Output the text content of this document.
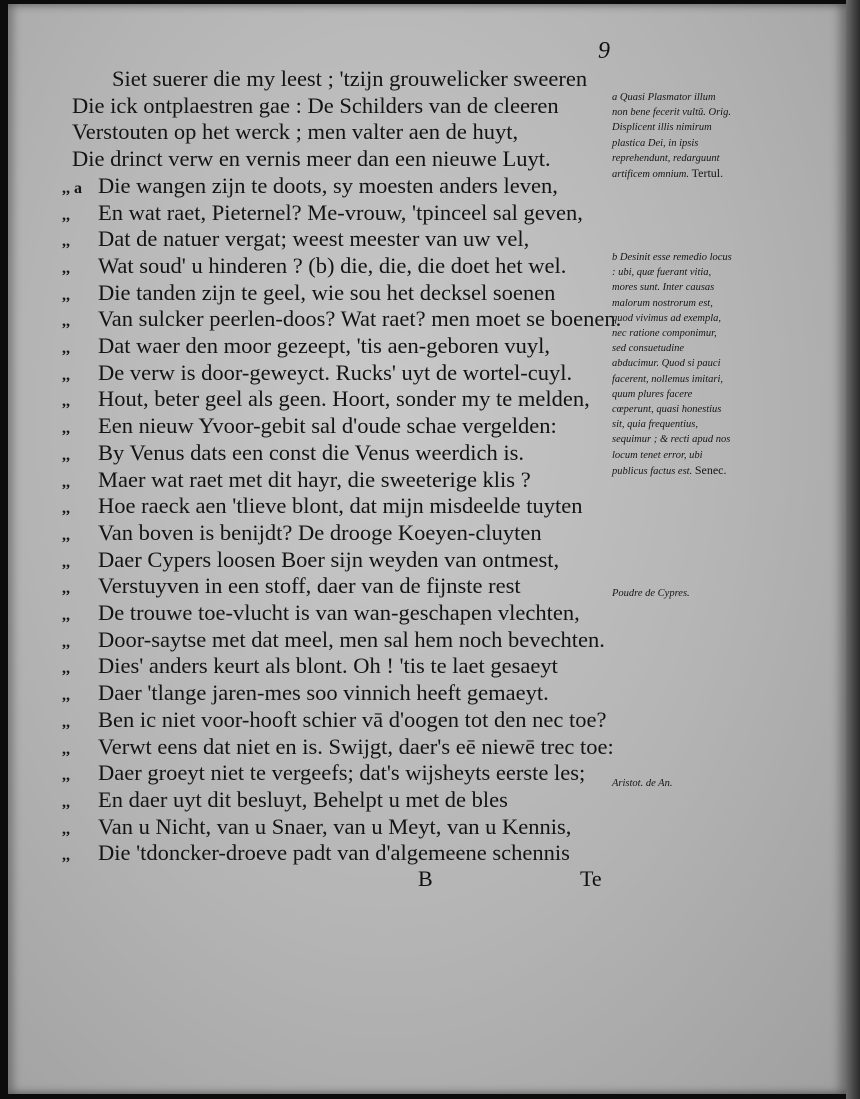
9
Siet suerer die my leest ; 'tzijn grouwelicker sweeren
Die ick ontplaestren gae : De Schilders van de cleeren
Verstouten op het werck ; men valter aen de huyt,
Die drinct verw en vernis meer dan een nieuwe Luyt.
,, a Die wangen zijn te doots, sy moesten anders leven,
,, En wat raet, Pieternel? Me-vrouw, 'tpinceel sal geven,
,, Dat de natuer vergat; weest meester van uw vel,
,, Wat soud' u hinderen ? (b) die, die, die doet het wel.
,, Die tanden zijn te geel, wie sou het decksel soenen
,, Van sulcker peerlen-doos? Wat raet? men moet se boenen.
,, Dat waer den moor gezeept, 'tis aen-geboren vuyl,
,, De verw is door-geweyct. Rucks' uyt de wortel-cuyl.
,, Hout, beter geel als geen. Hoort, sonder my te melden,
,, Een nieuw Yvoor-gebit sal d'oude schae vergelden:
,, By Venus dats een const die Venus weerdich is.
,, Maer wat raet met dit hayr, die sweeterige klis ?
,, Hoe raeck aen 'tlieve blont, dat mijn misdeelde tuyten
,, Van boven is benijdt? De drooge Koeyen-cluyten
,, Daer Cypers loosen Boer sijn weyden van ontmest,
,, Verstuyven in een stoff, daer van de fijnste rest
,, De trouwe toe-vlucht is van wan-geschapen vlechten,
,, Door-saytse met dat meel, men sal hem noch bevechten.
,, Dies' anders keurt als blont. Oh ! 'tis te laet gesaeyt
,, Daer 'tlange jaren-mes soo vinnich heeft gemaeyt.
,, Ben ic niet voor-hooft schier vā d'oogen tot den nec toe?
,, Verwt eens dat niet en is. Swijgt, daer's eē niewē trec toe:
,, Daer groeyt niet te vergeefs; dat's wijsheyts eerste les;
,, En daer uyt dit besluyt, Behelpt u met de bles
,, Van u Nicht, van u Snaer, van u Meyt, van u Kennis,
,, Die 'tdoncker-droeve padt van d'algemeene schennis
a Quasi Plasmator illum non bene fecerit vultū. Orig. Displicent illis nimirum plastica Dei, in ipsis reprehendunt, redarguunt artificem omnium. Tertul.
b Desinit esse remedio locus : ubi, quæ fuerant vitia, mores sunt. Inter causas malorum nostrorum est, quod vivimus ad exempla, nec ratione componimur, sed consuetudine abducimur. Quod si pauci facerent, nollemus imitari, quum plures facere cœperunt, quasi honestius sit, quia frequentius, sequimur ; & recti apud nos locum tenet error, ubi publicus factus est. Senec.
Poudre de Cypres.
Aristot. de An.
B	Te
